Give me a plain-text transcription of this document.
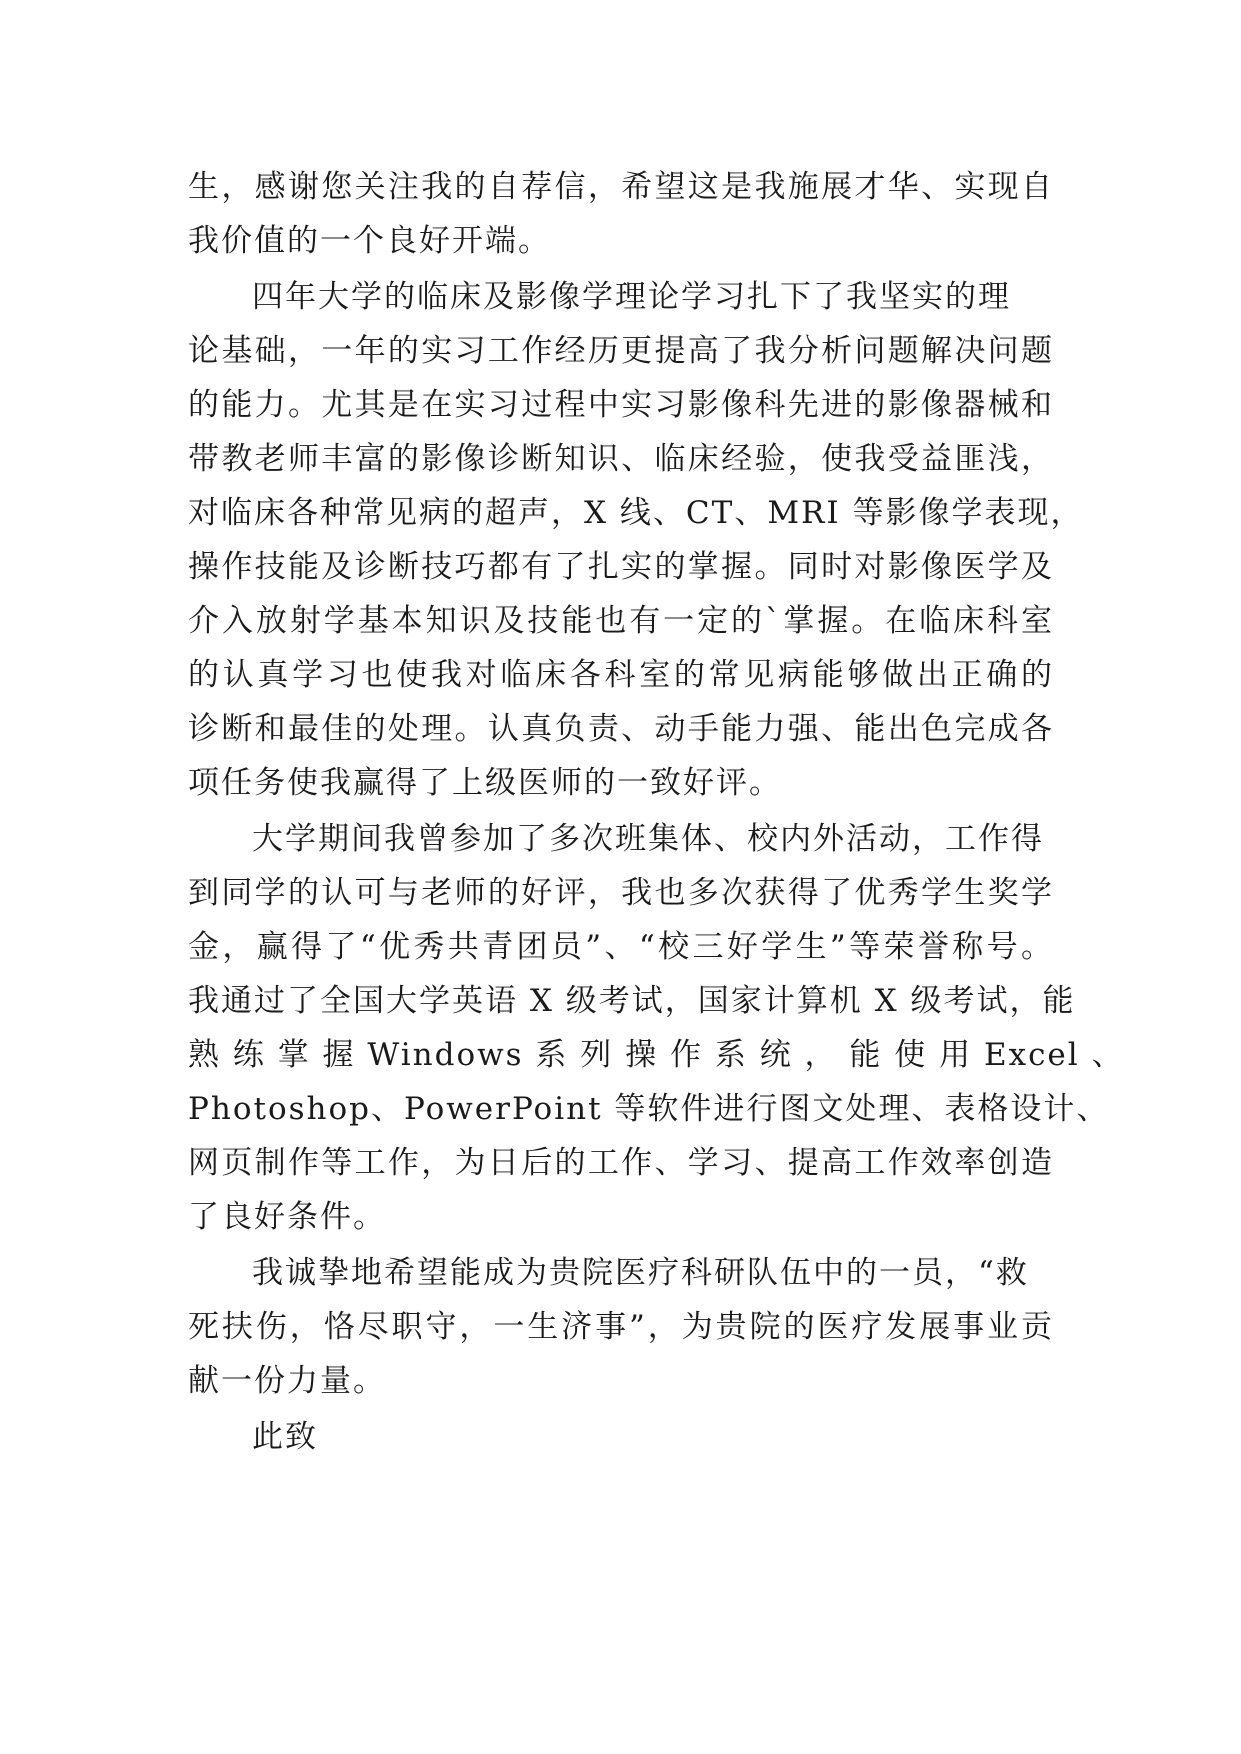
生，感谢您关注我的自荐信，希望这是我施展才华、实现自
我价值的一个良好开端。
四年大学的临床及影像学理论学习扎下了我坚实的理
论基础，一年的实习工作经历更提高了我分析问题解决问题
的能力。尤其是在实习过程中实习影像科先进的影像器械和
带教老师丰富的影像诊断知识、临床经验，使我受益匪浅，
对临床各种常见病的超声，X 线、CT、MRI 等影像学表现，
操作技能及诊断技巧都有了扎实的掌握。同时对影像医学及
介入放射学基本知识及技能也有一定的`掌握。在临床科室
的认真学习也使我对临床各科室的常见病能够做出正确的
诊断和最佳的处理。认真负责、动手能力强、能出色完成各
项任务使我赢得了上级医师的一致好评。
大学期间我曾参加了多次班集体、校内外活动，工作得
到同学的认可与老师的好评，我也多次获得了优秀学生奖学
金，赢得了“优秀共青团员”、“校三好学生”等荣誉称号。
我通过了全国大学英语 X 级考试，国家计算机 X 级考试，能
熟 练 掌 握 Windows 系 列 操 作 系 统 ， 能 使 用 Excel 、
Photoshop、PowerPoint 等软件进行图文处理、表格设计、
网页制作等工作，为日后的工作、学习、提高工作效率创造
了良好条件。
我诚挚地希望能成为贵院医疗科研队伍中的一员，“救
死扶伤，恪尽职守，一生济事”，为贵院的医疗发展事业贡
献一份力量。
此致
